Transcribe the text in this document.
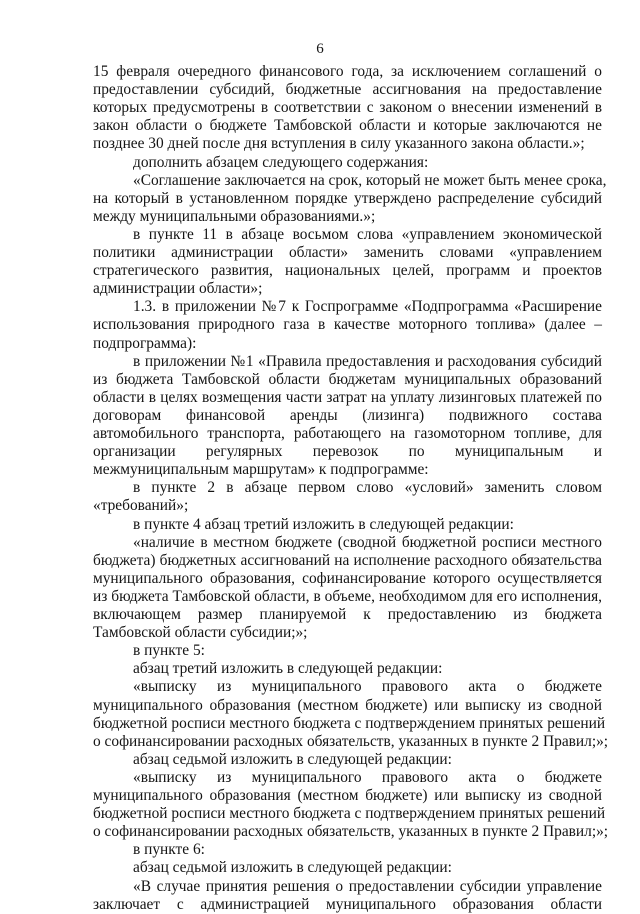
6
15 февраля очередного финансового года, за исключением соглашений о
предоставлении субсидий, бюджетные ассигнования на предоставление
которых предусмотрены в соответствии с законом о внесении изменений в
закон области о бюджете Тамбовской области и которые заключаются не
позднее 30 дней после дня вступления в силу указанного закона области.»;
дополнить абзацем следующего содержания:
«Соглашение заключается на срок, который не может быть менее срока,
на который в установленном порядке утверждено распределение субсидий
между муниципальными образованиями.»;
в пункте 11 в абзаце восьмом слова «управлением экономической
политики администрации области» заменить словами «управлением
стратегического развития, национальных целей, программ и проектов
администрации области»;
1.3. в приложении №7 к Госпрограмме «Подпрограмма «Расширение
использования природного газа в качестве моторного топлива» (далее –
подпрограмма):
в приложении №1 «Правила предоставления и расходования субсидий
из бюджета Тамбовской области бюджетам муниципальных образований
области в целях возмещения части затрат на уплату лизинговых платежей по
договорам финансовой аренды (лизинга) подвижного состава
автомобильного транспорта, работающего на газомоторном топливе, для
организации регулярных перевозок по муниципальным и
межмуниципальным маршрутам» к подпрограмме:
в пункте 2 в абзаце первом слово «условий» заменить словом
«требований»;
в пункте 4 абзац третий изложить в следующей редакции:
«наличие в местном бюджете (сводной бюджетной росписи местного
бюджета) бюджетных ассигнований на исполнение расходного обязательства
муниципального образования, софинансирование которого осуществляется
из бюджета Тамбовской области, в объеме, необходимом для его исполнения,
включающем размер планируемой к предоставлению из бюджета
Тамбовской области субсидии;»;
в пункте 5:
абзац третий изложить в следующей редакции:
«выписку из муниципального правового акта о бюджете
муниципального образования (местном бюджете) или выписку из сводной
бюджетной росписи местного бюджета с подтверждением принятых решений
о софинансировании расходных обязательств, указанных в пункте 2 Правил;»;
абзац седьмой изложить в следующей редакции:
«выписку из муниципального правового акта о бюджете
муниципального образования (местном бюджете) или выписку из сводной
бюджетной росписи местного бюджета с подтверждением принятых решений
о софинансировании расходных обязательств, указанных в пункте 2 Правил;»;
в пункте 6:
абзац седьмой изложить в следующей редакции:
«В случае принятия решения о предоставлении субсидии управление
заключает с администрацией муниципального образования области
